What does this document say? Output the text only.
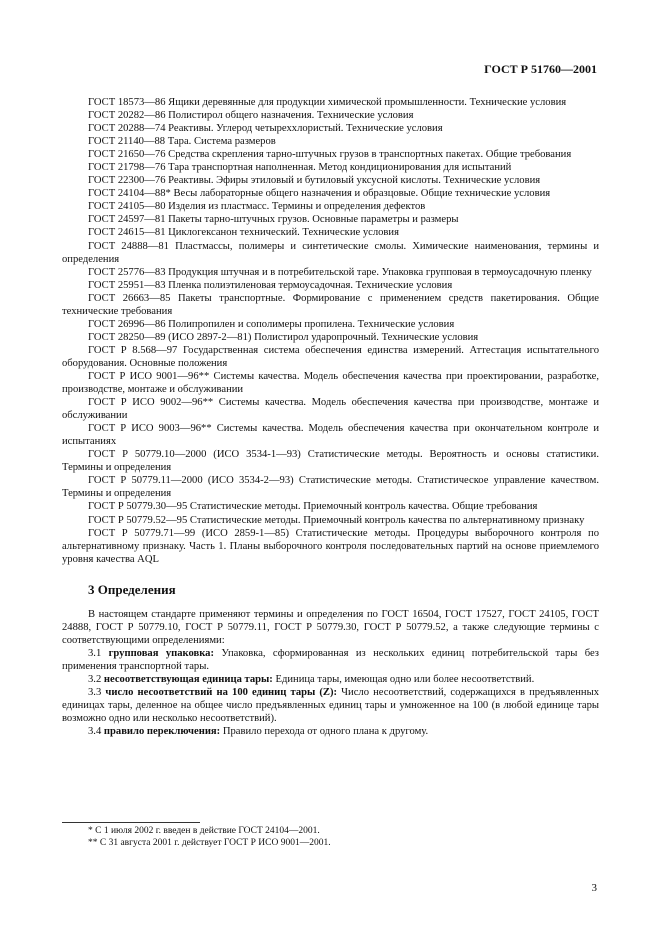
ГОСТ Р 51760—2001

ГОСТ 18573—86 Ящики деревянные для продукции химической промышленности. Технические условия

ГОСТ 20282—86 Полистирол общего назначения. Технические условия

ГОСТ 20288—74 Реактивы. Углерод четыреххлористый. Технические условия

ГОСТ 21140—88 Тара. Система размеров

ГОСТ 21650—76 Средства скрепления тарно-штучных грузов в транспортных пакетах. Общие требования

ГОСТ 21798—76 Тара транспортная наполненная. Метод кондиционирования для испытаний

ГОСТ 22300—76 Реактивы. Эфиры этиловый и бутиловый уксусной кислоты. Технические условия

ГОСТ 24104—88* Весы лабораторные общего назначения и образцовые. Общие технические условия

ГОСТ 24105—80 Изделия из пластмасс. Термины и определения дефектов

ГОСТ 24597—81 Пакеты тарно-штучных грузов. Основные параметры и размеры

ГОСТ 24615—81 Циклогексанон технический. Технические условия

ГОСТ 24888—81 Пластмассы, полимеры и синтетические смолы. Химические наименования, термины и определения

ГОСТ 25776—83 Продукция штучная и в потребительской таре. Упаковка групповая в термоусадочную пленку

ГОСТ 25951—83 Пленка полиэтиленовая термоусадочная. Технические условия

ГОСТ 26663—85 Пакеты транспортные. Формирование с применением средств пакетирования. Общие технические требования

ГОСТ 26996—86 Полипропилен и сополимеры пропилена. Технические условия

ГОСТ 28250—89 (ИСО 2897-2—81) Полистирол ударопрочный. Технические условия

ГОСТ Р 8.568—97 Государственная система обеспечения единства измерений. Аттестация испытательного оборудования. Основные положения

ГОСТ Р ИСО 9001—96** Системы качества. Модель обеспечения качества при проектировании, разработке, производстве, монтаже и обслуживании

ГОСТ Р ИСО 9002—96** Системы качества. Модель обеспечения качества при производстве, монтаже и обслуживании

ГОСТ Р ИСО 9003—96** Системы качества. Модель обеспечения качества при окончательном контроле и испытаниях

ГОСТ Р 50779.10—2000 (ИСО 3534-1—93) Статистические методы. Вероятность и основы статистики. Термины и определения

ГОСТ Р 50779.11—2000 (ИСО 3534-2—93) Статистические методы. Статистическое управление качеством. Термины и определения

ГОСТ Р 50779.30—95 Статистические методы. Приемочный контроль качества. Общие требования

ГОСТ Р 50779.52—95 Статистические методы. Приемочный контроль качества по альтернативному признаку

ГОСТ Р 50779.71—99 (ИСО 2859-1—85) Статистические методы. Процедуры выборочного контроля по альтернативному признаку. Часть 1. Планы выборочного контроля последовательных партий на основе приемлемого уровня качества AQL

3 Определения

В настоящем стандарте применяют термины и определения по ГОСТ 16504, ГОСТ 17527, ГОСТ 24105, ГОСТ 24888, ГОСТ Р 50779.10, ГОСТ Р 50779.11, ГОСТ Р 50779.30, ГОСТ Р 50779.52, а также следующие термины с соответствующими определениями:

3.1 групповая упаковка: Упаковка, сформированная из нескольких единиц потребительской тары без применения транспортной тары.

3.2 несоответствующая единица тары: Единица тары, имеющая одно или более несоответствий.

3.3 число несоответствий на 100 единиц тары (Z): Число несоответствий, содержащихся в предъявленных единицах тары, деленное на общее число предъявленных единиц тары и умноженное на 100 (в любой единице тары возможно одно или несколько несоответствий).

3.4 правило переключения: Правило перехода от одного плана к другому.

* С 1 июля 2002 г. введен в действие ГОСТ 24104—2001.

** С 31 августа 2001 г. действует ГОСТ Р ИСО 9001—2001.

3
